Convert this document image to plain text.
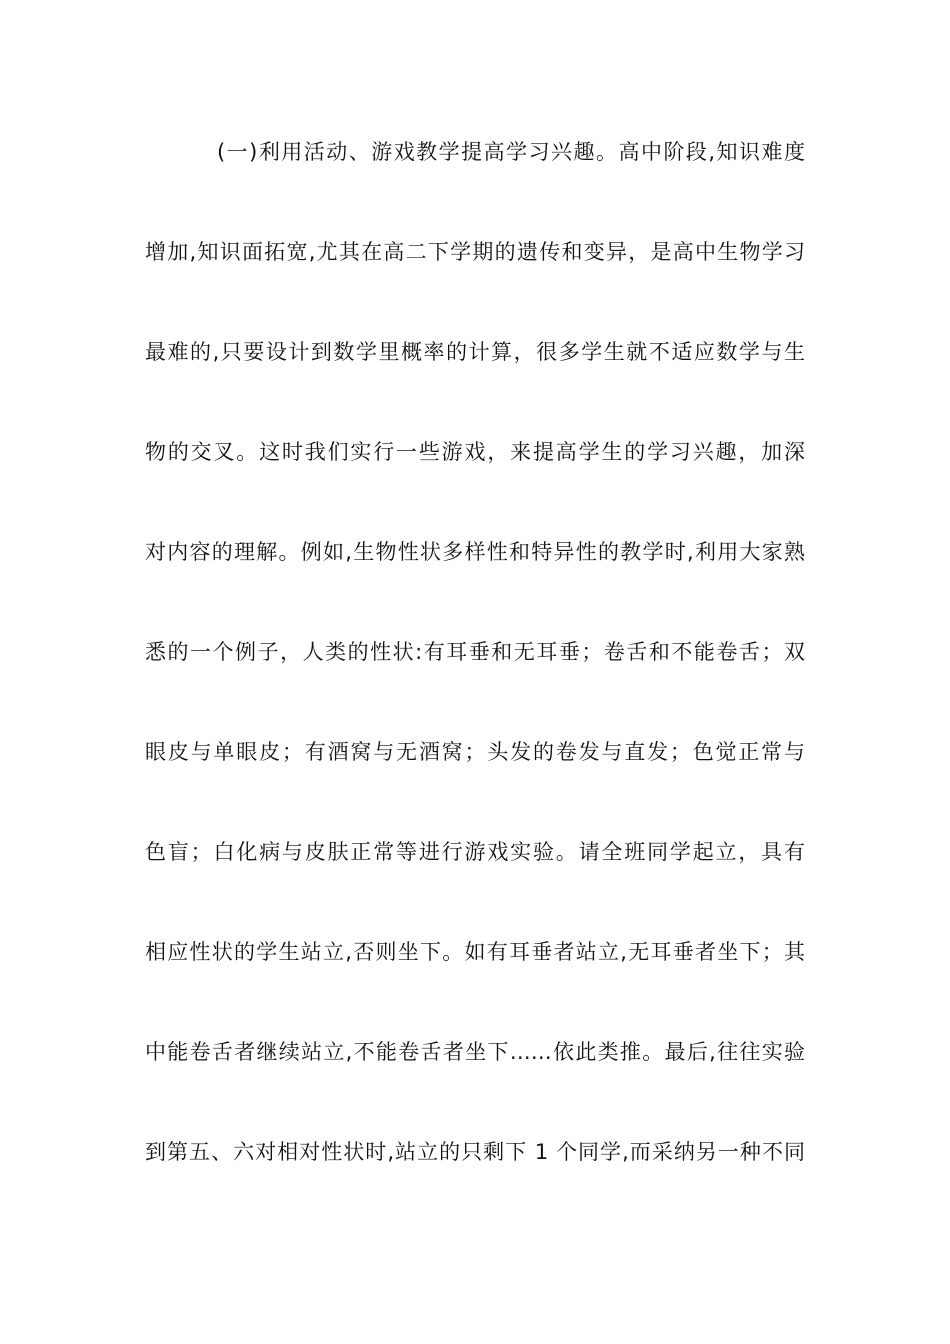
(一)利用活动、游戏教学提高学习兴趣。高中阶段,知识难度
增加,知识面拓宽,尤其在高二下学期的遗传和变异，是高中生物学习
最难的,只要设计到数学里概率的计算，很多学生就不适应数学与生
物的交叉。这时我们实行一些游戏，来提高学生的学习兴趣，加深
对内容的理解。例如,生物性状多样性和特异性的教学时,利用大家熟
悉的一个例子，人类的性状:有耳垂和无耳垂；卷舌和不能卷舌；双
眼皮与单眼皮；有酒窝与无酒窝；头发的卷发与直发；色觉正常与
色盲；白化病与皮肤正常等进行游戏实验。请全班同学起立，具有
相应性状的学生站立,否则坐下。如有耳垂者站立,无耳垂者坐下；其
中能卷舌者继续站立,不能卷舌者坐下……依此类推。最后,往往实验
到第五、六对相对性状时,站立的只剩下 1 个同学,而采纳另一种不同
